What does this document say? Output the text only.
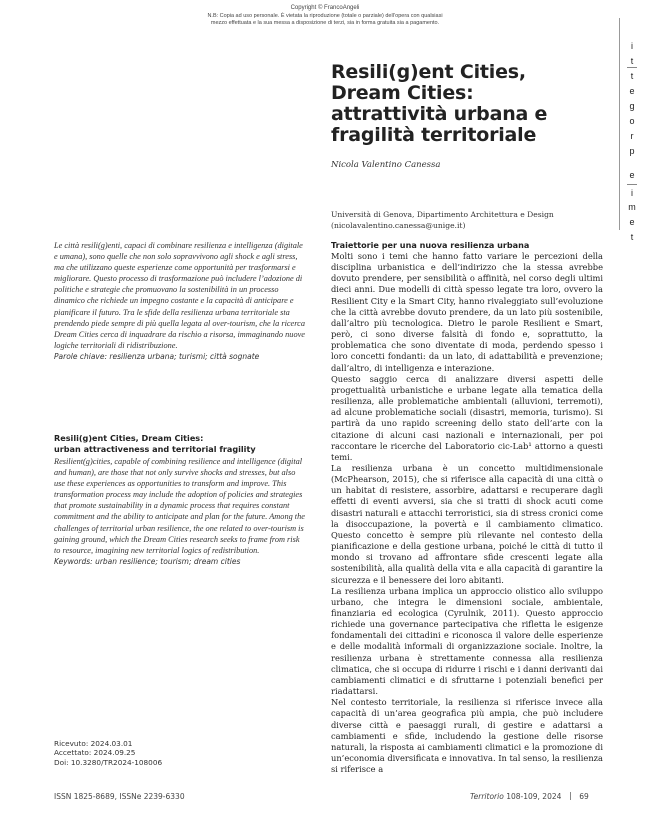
Copyright © FrancoAngeli
N.B: Copia ad uso personale. È vietata la riproduzione (totale o parziale) dell’opera con qualsiasi
mezzo effettuata e la sua messa a disposizione di terzi, sia in forma gratuita sia a pagamento.
t
e
m
i
e
p
r
o
g
e
t
t
i
Resili(g)ent Cities,
Dream Cities:
attrattività urbana e
fragilità territoriale
Nicola Valentino Canessa
Università di Genova, Dipartimento Architettura e Design
(nicolavalentino.canessa@unige.it)
Le città resili(g)enti, capaci di combinare resilienza e intelligenza (digitale e umana), sono quelle che non solo sopravvivono agli shock e agli stress, ma che utilizzano queste esperienze come opportunità per trasformarsi e migliorare. Questo processo di trasformazione può includere l’adozione di politiche e strategie che promuovano la sostenibilità in un processo dinamico che richiede un impegno costante e la capacità di anticipare e pianificare il futuro. Tra le sfide della resilienza urbana territoriale sta prendendo piede sempre di più quella legata al over-tourism, che la ricerca Dream Cities cerca di inquadrare da rischio a risorsa, immaginando nuove logiche territoriali di ridistribuzione.
Parole chiave: resilienza urbana; turismi; città sognate
Resili(g)ent Cities, Dream Cities:
urban attractiveness and territorial fragility
Resilient(g)cities, capable of combining resilience and intelligence (digital and human), are those that not only survive shocks and stresses, but also use these experiences as opportunities to transform and improve. This transformation process may include the adoption of policies and strategies that promote sustainability in a dynamic process that requires constant commitment and the ability to anticipate and plan for the future. Among the challenges of territorial urban resilience, the one related to over-tourism is gaining ground, which the Dream Cities research seeks to frame from risk to resource, imagining new territorial logics of redistribution.
Keywords: urban resilience; tourism; dream cities
Ricevuto: 2024.03.01
Accettato: 2024.09.25
Doi: 10.3280/TR2024-108006
Traiettorie per una nuova resilienza urbana

Molti sono i temi che hanno fatto variare le percezioni della disciplina urbanistica e dell’indirizzo che la stessa avrebbe dovuto prendere, per sensibilità o affinità, nel corso degli ultimi dieci anni. Due modelli di città spesso legate tra loro, ovvero la Resilient City e la Smart City, hanno rivaleggiato sull’evoluzione che la città avrebbe dovuto prendere, da un lato più sostenibile, dall’altro più tecnologica. Dietro le parole Resilient e Smart, però, ci sono diverse falsità di fondo e, soprattutto, la problematica che sono diventate di moda, perdendo spesso i loro concetti fondanti: da un lato, di adattabilità e prevenzione; dall’altro, di intelligenza e interazione.

Questo saggio cerca di analizzare diversi aspetti delle progettualità urbanistiche e urbane legate alla tematica della resilienza, alle problematiche ambientali (alluvioni, terremoti), ad alcune problematiche sociali (disastri, memoria, turismo). Si partirà da uno rapido screening dello stato dell’arte con la citazione di alcuni casi nazionali e internazionali, per poi raccontare le ricerche del Laboratorio cic-Lab¹ attorno a questi temi.

La resilienza urbana è un concetto multidimensionale (McPhearson, 2015), che si riferisce alla capacità di una città o un habitat di resistere, assorbire, adattarsi e recuperare dagli effetti di eventi avversi, sia che si tratti di shock acuti come disastri naturali e attacchi terroristici, sia di stress cronici come la disoccupazione, la povertà e il cambiamento climatico. Questo concetto è sempre più rilevante nel contesto della pianificazione e della gestione urbana, poiché le città di tutto il mondo si trovano ad affrontare sfide crescenti legate alla sostenibilità, alla qualità della vita e alla capacità di garantire la sicurezza e il benessere dei loro abitanti.

La resilienza urbana implica un approccio olistico allo sviluppo urbano, che integra le dimensioni sociale, ambientale, finanziaria ed ecologica (Cyrulnik, 2011). Questo approccio richiede una governance partecipativa che rifletta le esigenze fondamentali dei cittadini e riconosca il valore delle esperienze e delle modalità informali di organizzazione sociale. Inoltre, la resilienza urbana è strettamente connessa alla resilienza climatica, che si occupa di ridurre i rischi e i danni derivanti dai cambiamenti climatici e di sfruttarne i potenziali benefici per riadattarsi.

Nel contesto territoriale, la resilienza si riferisce invece alla capacità di un’area geografica più ampia, che può includere diverse città e paesaggi rurali, di gestire e adattarsi a cambiamenti e sfide, includendo la gestione delle risorse naturali, la risposta ai cambiamenti climatici e la promozione di un’economia diversificata e innovativa. In tal senso, la resilienza si riferisce a

ISSN 1825-8689, ISSNe 2239-6330	Territorio 108-109, 2024 69
